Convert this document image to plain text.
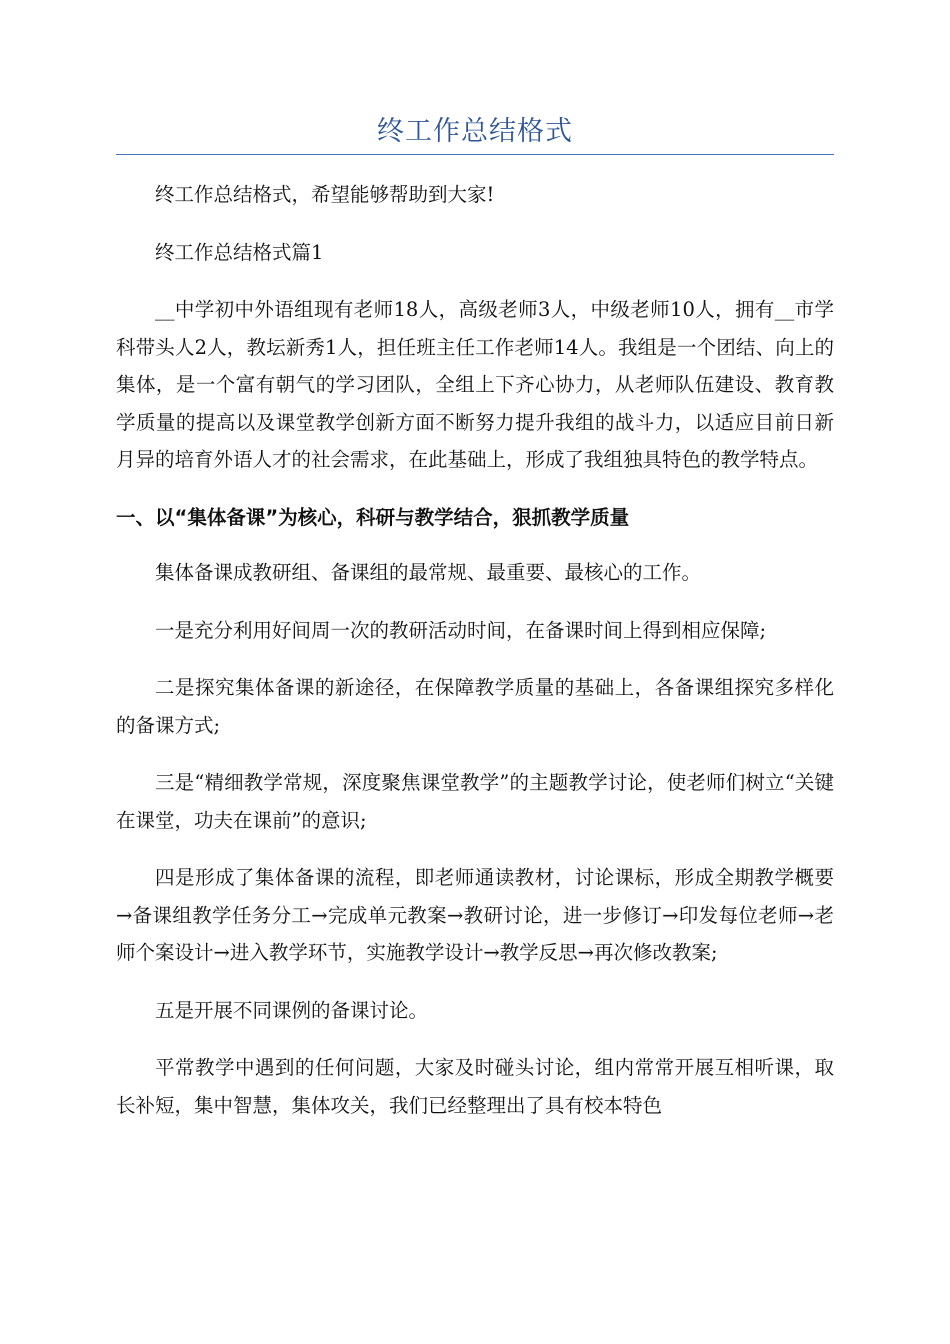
终工作总结格式

终工作总结格式，希望能够帮助到大家!

终工作总结格式篇1

__中学初中外语组现有老师18人，高级老师3人，中级老师10人，拥有__市学科带头人2人，教坛新秀1人，担任班主任工作老师14人。我组是一个团结、向上的集体，是一个富有朝气的学习团队，全组上下齐心协力，从老师队伍建设、教育教学质量的提高以及课堂教学创新方面不断努力提升我组的战斗力，以适应目前日新月异的培育外语人才的社会需求，在此基础上，形成了我组独具特色的教学特点。

一、以“集体备课”为核心，科研与教学结合，狠抓教学质量

集体备课成教研组、备课组的最常规、最重要、最核心的工作。

一是充分利用好间周一次的教研活动时间，在备课时间上得到相应保障;

二是探究集体备课的新途径，在保障教学质量的基础上，各备课组探究多样化的备课方式;

三是“精细教学常规，深度聚焦课堂教学”的主题教学讨论，使老师们树立“关键在课堂，功夫在课前”的意识;

四是形成了集体备课的流程，即老师通读教材，讨论课标，形成全期教学概要→备课组教学任务分工→完成单元教案→教研讨论，进一步修订→印发每位老师→老师个案设计→进入教学环节，实施教学设计→教学反思→再次修改教案;

五是开展不同课例的备课讨论。

平常教学中遇到的任何问题，大家及时碰头讨论，组内常常开展互相听课，取长补短，集中智慧，集体攻关，我们已经整理出了具有校本特色
